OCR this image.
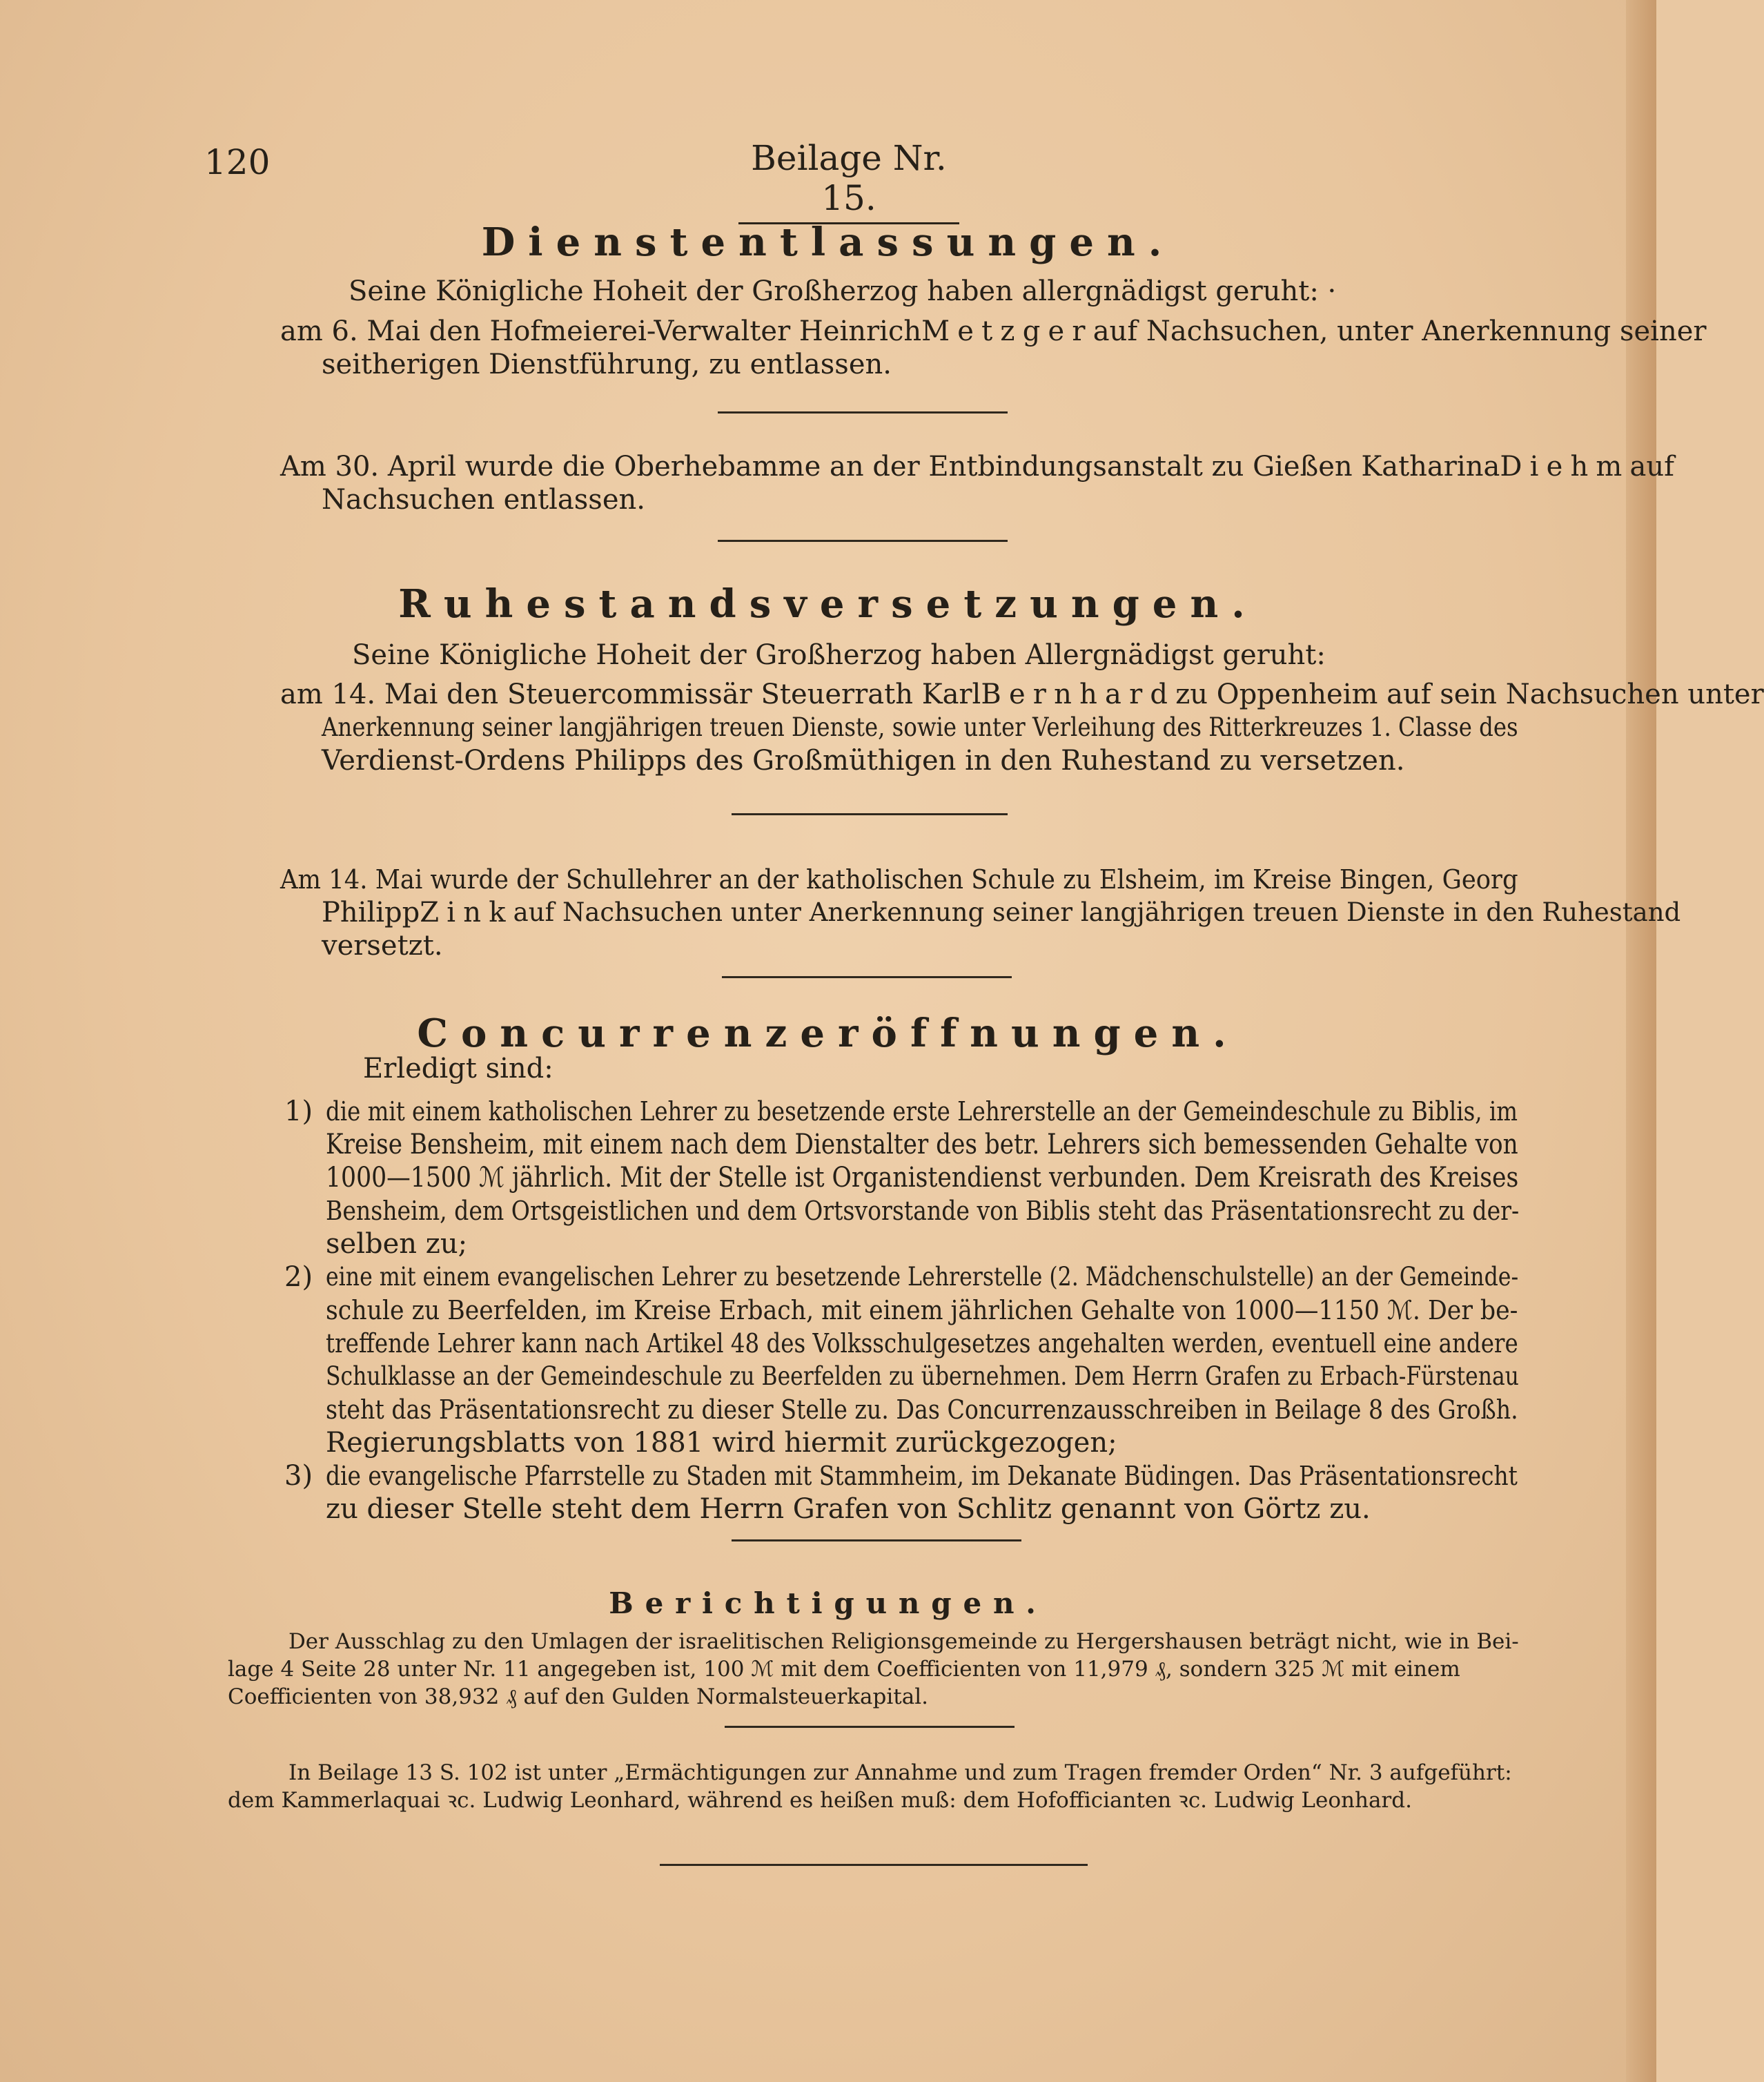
120	Beilage Nr. 15.
Dienstentlassungen.
Seine Königliche Hoheit der Großherzog haben allergnädigst geruht: ·
am 6. Mai den Hofmeierei-Verwalter Heinrich Metzger auf Nachsuchen, unter Anerkennung seiner
seitherigen Dienstführung, zu entlassen.
Am 30. April wurde die Oberhebamme an der Entbindungsanstalt zu Gießen Katharina Diehm auf
Nachsuchen entlassen.
Ruhestandsversetzungen.
Seine Königliche Hoheit der Großherzog haben Allergnädigst geruht:
am 14. Mai den Steuercommissär Steuerrath Karl Bernhard zu Oppenheim auf sein Nachsuchen unter
Anerkennung seiner langjährigen treuen Dienste, sowie unter Verleihung des Ritterkreuzes 1. Classe des
Verdienst-Ordens Philipps des Großmüthigen in den Ruhestand zu versetzen.
Am 14. Mai wurde der Schullehrer an der katholischen Schule zu Elsheim, im Kreise Bingen, Georg
Philipp Zink auf Nachsuchen unter Anerkennung seiner langjährigen treuen Dienste in den Ruhestand
versetzt.
Concurrenzeröffnungen.
Erledigt sind:
1) die mit einem katholischen Lehrer zu besetzende erste Lehrerstelle an der Gemeindeschule zu Biblis, im
Kreise Bensheim, mit einem nach dem Dienstalter des betr. Lehrers sich bemessenden Gehalte von
1000—1500 ℳ jährlich. Mit der Stelle ist Organistendienst verbunden. Dem Kreisrath des Kreises
Bensheim, dem Ortsgeistlichen und dem Ortsvorstande von Biblis steht das Präsentationsrecht zu der-
selben zu;
2) eine mit einem evangelischen Lehrer zu besetzende Lehrerstelle (2. Mädchenschulstelle) an der Gemeinde-
schule zu Beerfelden, im Kreise Erbach, mit einem jährlichen Gehalte von 1000—1150 ℳ. Der be-
treffende Lehrer kann nach Artikel 48 des Volksschulgesetzes angehalten werden, eventuell eine andere
Schulklasse an der Gemeindeschule zu Beerfelden zu übernehmen. Dem Herrn Grafen zu Erbach-Fürstenau
steht das Präsentationsrecht zu dieser Stelle zu. Das Concurrenzausschreiben in Beilage 8 des Großh.
Regierungsblatts von 1881 wird hiermit zurückgezogen;
3) die evangelische Pfarrstelle zu Staden mit Stammheim, im Dekanate Büdingen. Das Präsentationsrecht
zu dieser Stelle steht dem Herrn Grafen von Schlitz genannt von Görtz zu.
Berichtigungen.
Der Ausschlag zu den Umlagen der israelitischen Religionsgemeinde zu Hergershausen beträgt nicht, wie in Bei-
lage 4 Seite 28 unter Nr. 11 angegeben ist, 100 ℳ mit dem Coefficienten von 11,979 ₰, sondern 325 ℳ mit einem
Coefficienten von 38,932 ₰ auf den Gulden Normalsteuerkapital.
In Beilage 13 S. 102 ist unter „Ermächtigungen zur Annahme und zum Tragen fremder Orden“ Nr. 3 aufgeführt:
dem Kammerlaquai ꝛc. Ludwig Leonhard, während es heißen muß: dem Hofofficianten ꝛc. Ludwig Leonhard.
